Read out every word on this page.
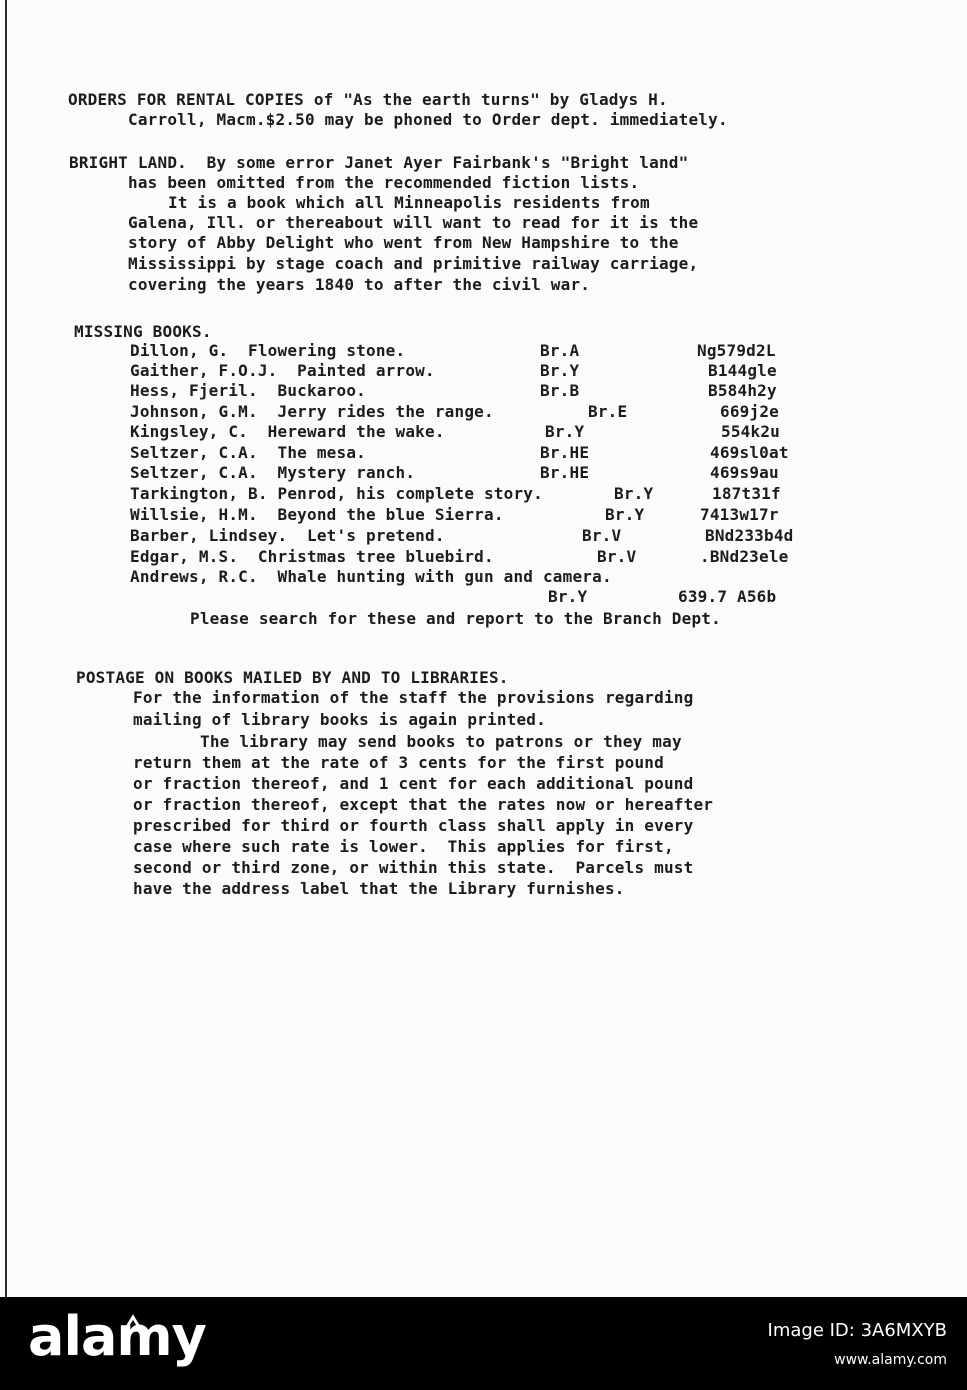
ORDERS FOR RENTAL COPIES of "As the earth turns" by Gladys H.
Carroll, Macm.$2.50 may be phoned to Order dept. immediately.
BRIGHT LAND.  By some error Janet Ayer Fairbank's "Bright land"
has been omitted from the recommended fiction lists.
It is a book which all Minneapolis residents from
Galena, Ill. or thereabout will want to read for it is the
story of Abby Delight who went from New Hampshire to the
Mississippi by stage coach and primitive railway carriage,
covering the years 1840 to after the civil war.
MISSING BOOKS.
Dillon, G.  Flowering stone.	Br.A	Ng579d2L
Gaither, F.O.J.  Painted arrow.	Br.Y	B144gle
Hess, Fjeril.  Buckaroo.	Br.B	B584h2y
Johnson, G.M.  Jerry rides the range.	Br.E	669j2e
Kingsley, C.  Hereward the wake.	Br.Y	554k2u
Seltzer, C.A.  The mesa.	Br.HE	469sl0at
Seltzer, C.A.  Mystery ranch.	Br.HE	469s9au
Tarkington, B. Penrod, his complete story.	Br.Y	187t31f
Willsie, H.M.  Beyond the blue Sierra.	Br.Y	7413w17r
Barber, Lindsey.  Let's pretend.	Br.V	BNd233b4d
Edgar, M.S.  Christmas tree bluebird.	Br.V	.BNd23ele
Andrews, R.C.  Whale hunting with gun and camera.
Br.Y	639.7 A56b
Please search for these and report to the Branch Dept.
POSTAGE ON BOOKS MAILED BY AND TO LIBRARIES.
For the information of the staff the provisions regarding
mailing of library books is again printed.
The library may send books to patrons or they may
return them at the rate of 3 cents for the first pound
or fraction thereof, and 1 cent for each additional pound
or fraction thereof, except that the rates now or hereafter
prescribed for third or fourth class shall apply in every
case where such rate is lower.  This applies for first,
second or third zone, or within this state.  Parcels must
have the address label that the Library furnishes.
alamy	Image ID: 3A6MXYB
www.alamy.com
